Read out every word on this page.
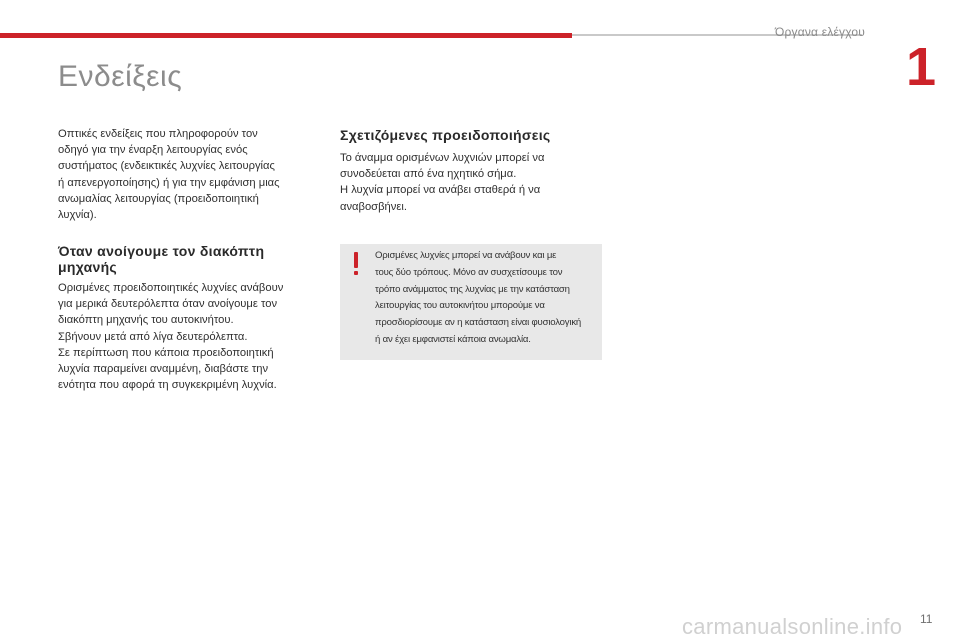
Όργανα ελέγχου
1
Ενδείξεις

Οπτικές ενδείξεις που πληροφορούν τον
οδηγό για την έναρξη λειτουργίας ενός
συστήματος (ενδεικτικές λυχνίες λειτουργίας
ή απενεργοποίησης) ή για την εμφάνιση μιας
ανωμαλίας λειτουργίας (προειδοποιητική
λυχνία).

Όταν ανοίγουμε τον διακόπτη
μηχανής

Ορισμένες προειδοποιητικές λυχνίες ανάβουν
για μερικά δευτερόλεπτα όταν ανοίγουμε τον
διακόπτη μηχανής του αυτοκινήτου.
Σβήνουν μετά από λίγα δευτερόλεπτα.
Σε περίπτωση που κάποια προειδοποιητική
λυχνία παραμείνει αναμμένη, διαβάστε την
ενότητα που αφορά τη συγκεκριμένη λυχνία.

Σχετιζόμενες προειδοποιήσεις

Το άναμμα ορισμένων λυχνιών μπορεί να
συνοδεύεται από ένα ηχητικό σήμα.
Η λυχνία μπορεί να ανάβει σταθερά ή να
αναβοσβήνει.

Ορισμένες λυχνίες μπορεί να ανάβουν και με
τους δύο τρόπους. Μόνο αν συσχετίσουμε τον
τρόπο ανάμματος της λυχνίας με την κατάσταση
λειτουργίας του αυτοκινήτου μπορούμε να
προσδιορίσουμε αν η κατάσταση είναι φυσιολογική
ή αν έχει εμφανιστεί κάποια ανωμαλία.

carmanualsonline.info 11
